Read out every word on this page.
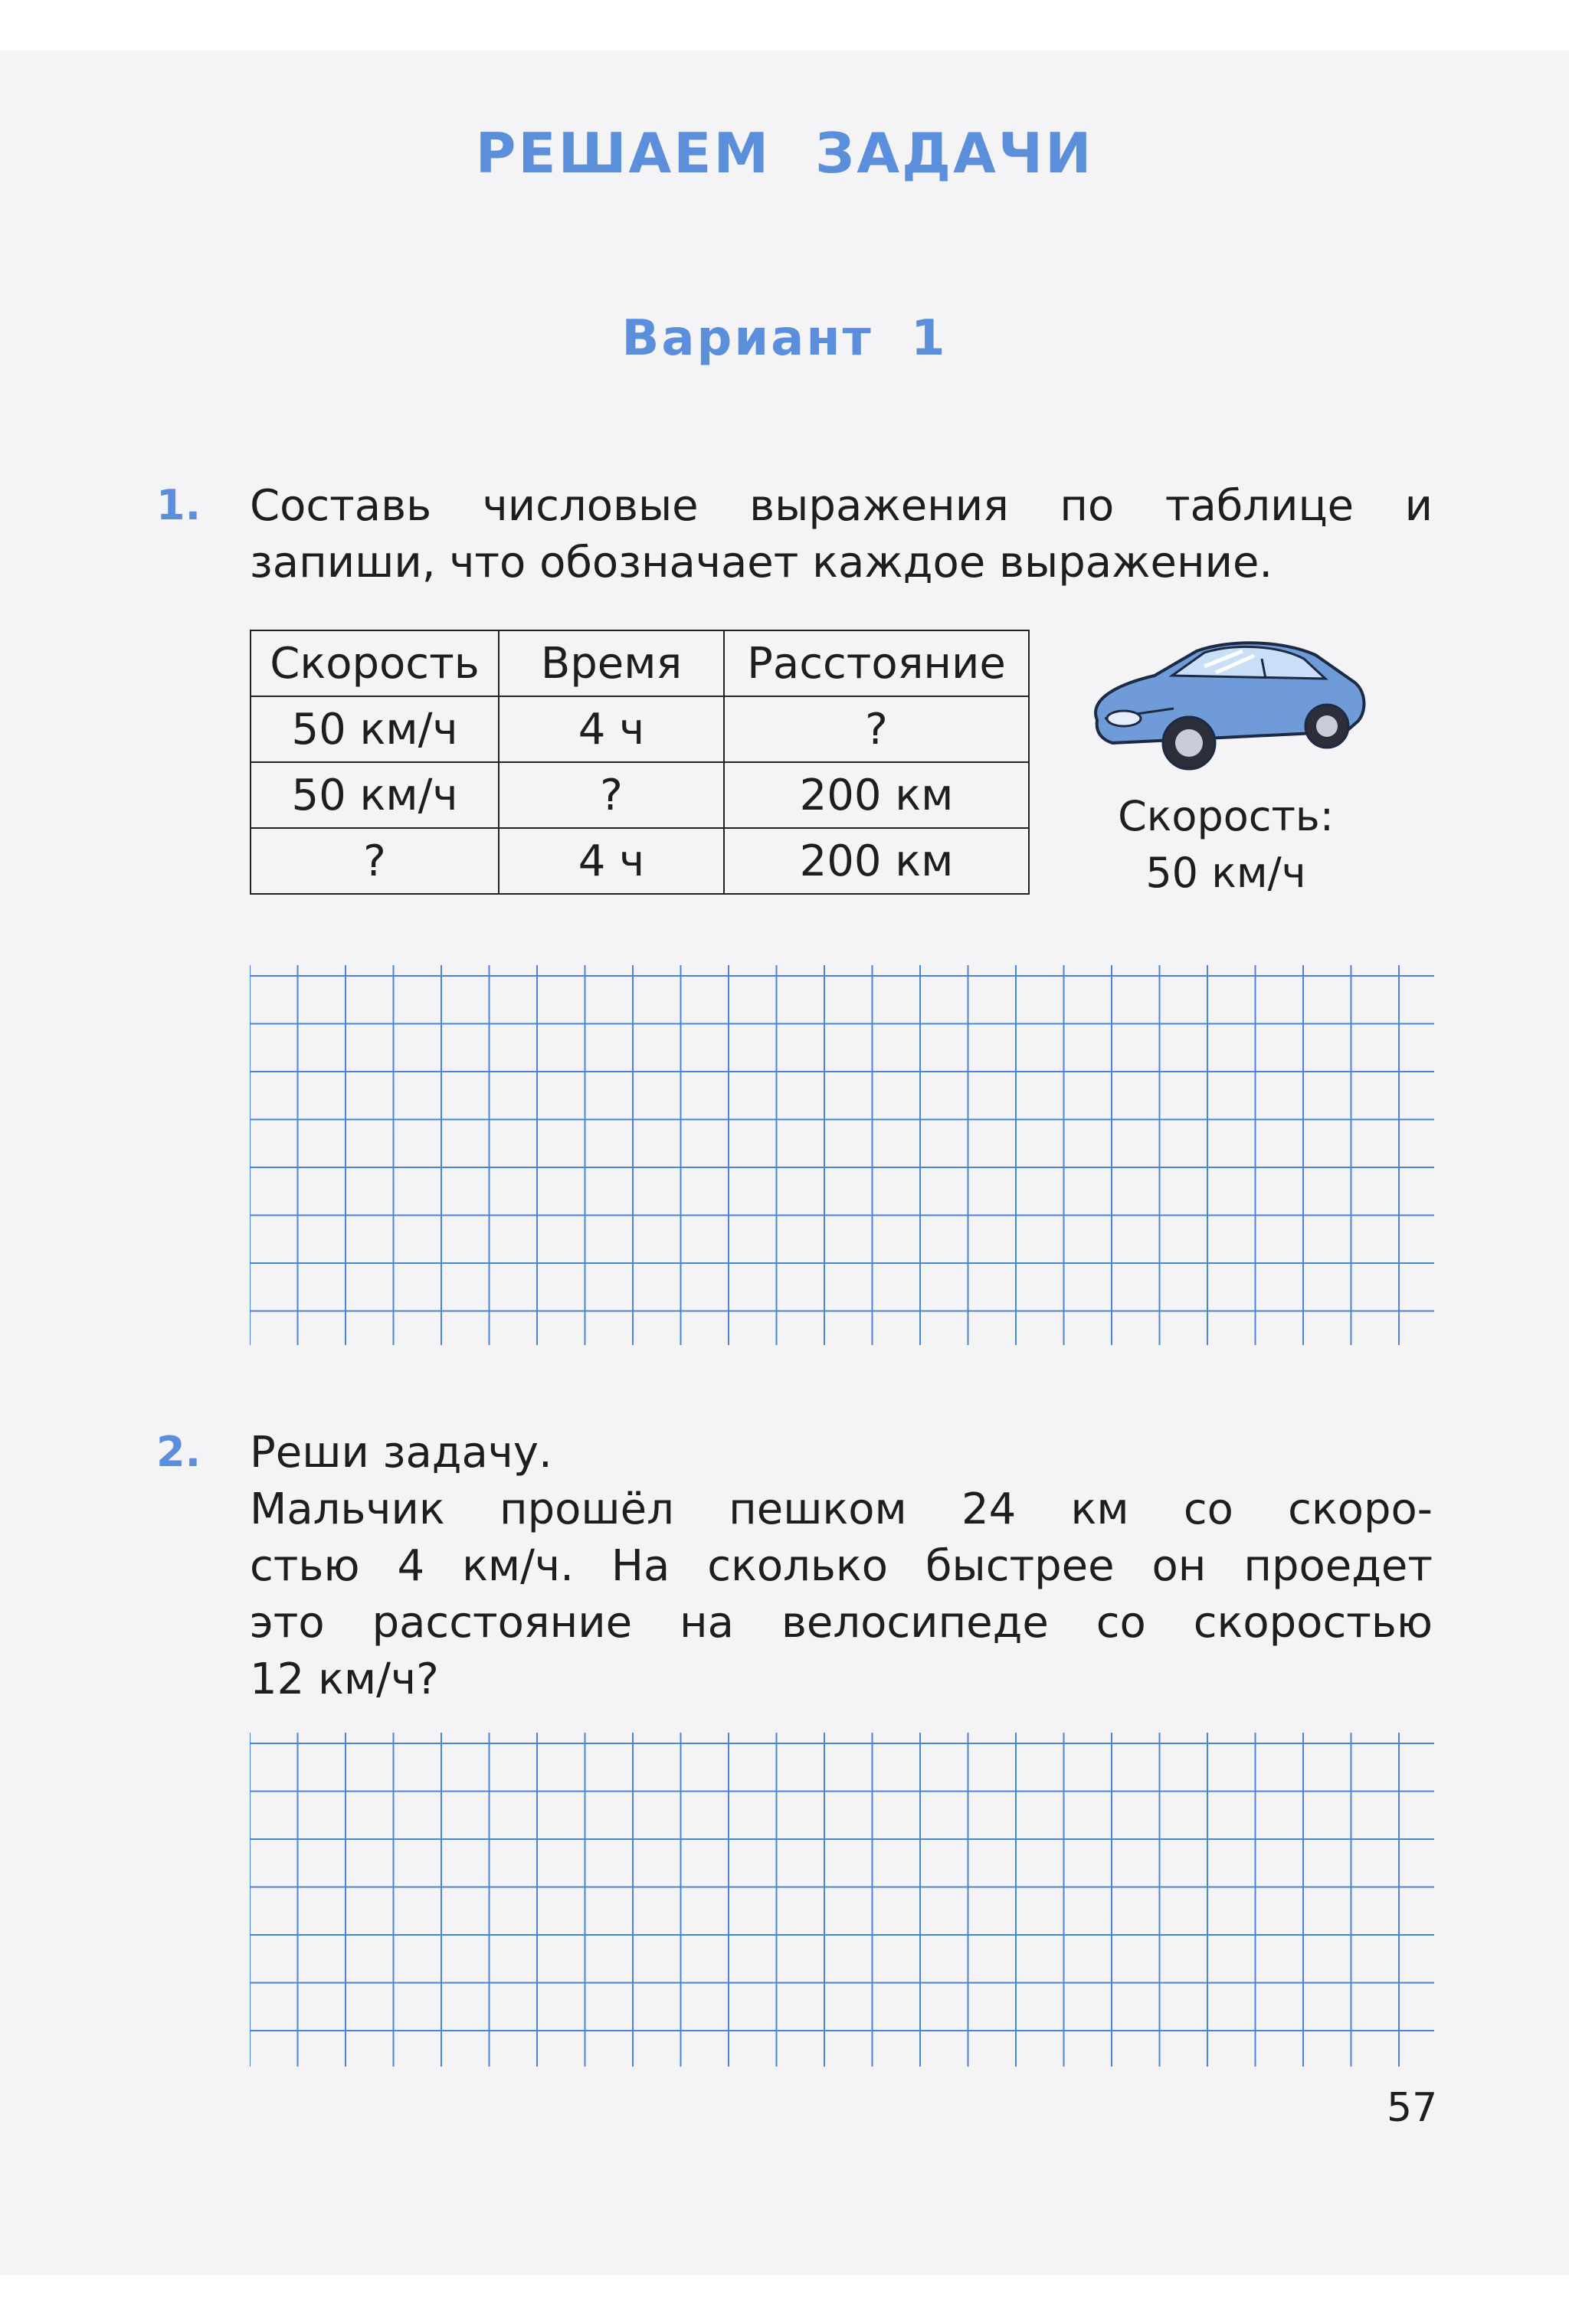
РЕШАЕМ ЗАДАЧИ
Вариант 1
1. Составь числовые выражения по таблице и
запиши, что обозначает каждое выражение.
Скорость	Время	Расстояние
50 км/ч	4 ч	?
50 км/ч	?	200 км
?	4 ч	200 км
Скорость:
50 км/ч
2. Реши задачу.
Мальчик прошёл пешком 24 км со скоро-
стью 4 км/ч. На сколько быстрее он проедет
это расстояние на велосипеде со скоростью
12 км/ч?
57
